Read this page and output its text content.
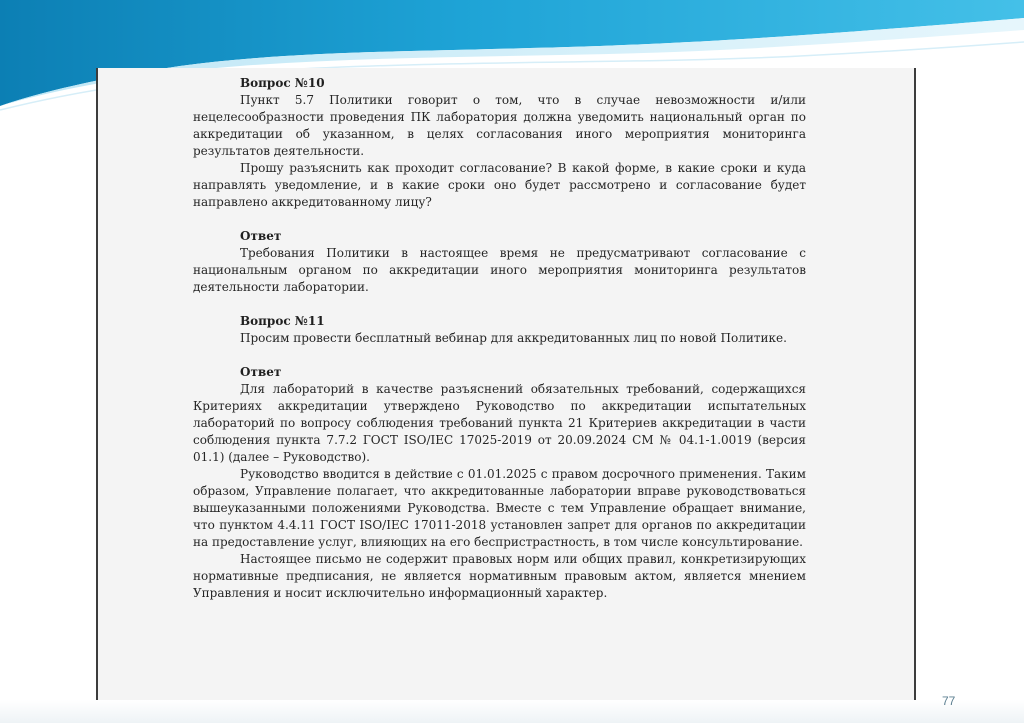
Вопрос №10

Пункт 5.7 Политики говорит о том, что в случае невозможности и/или нецелесообразности проведения ПК лаборатория должна уведомить национальный орган по аккредитации об указанном, в целях согласования иного мероприятия мониторинга результатов деятельности.

Прошу разъяснить как проходит согласование? В какой форме, в какие сроки и куда направлять уведомление, и в какие сроки оно будет рассмотрено и согласование будет направлено аккредитованному лицу?

Ответ

Требования Политики в настоящее время не предусматривают согласование с национальным органом по аккредитации иного мероприятия мониторинга результатов деятельности лаборатории.

Вопрос №11

Просим провести бесплатный вебинар для аккредитованных лиц по новой Политике.

Ответ

Для лабораторий в качестве разъяснений обязательных требований, содержащихся Критериях аккредитации утверждено Руководство по аккредитации испытательных лабораторий по вопросу соблюдения требований пункта 21 Критериев аккредитации в части соблюдения пункта 7.7.2 ГОСТ ISO/IEC 17025-2019 от 20.09.2024 СМ № 04.1-1.0019 (версия 01.1) (далее – Руководство).

Руководство вводится в действие с 01.01.2025 с правом досрочного применения. Таким образом, Управление полагает, что аккредитованные лаборатории вправе руководствоваться вышеуказанными положениями Руководства. Вместе с тем Управление обращает внимание, что пунктом 4.4.11 ГОСТ ISO/IEC 17011-2018 установлен запрет для органов по аккредитации на предоставление услуг, влияющих на его беспристрастность, в том числе консультирование.

Настоящее письмо не содержит правовых норм или общих правил, конкретизирующих нормативные предписания, не является нормативным правовым актом, является мнением Управления и носит исключительно информационный характер.

77
